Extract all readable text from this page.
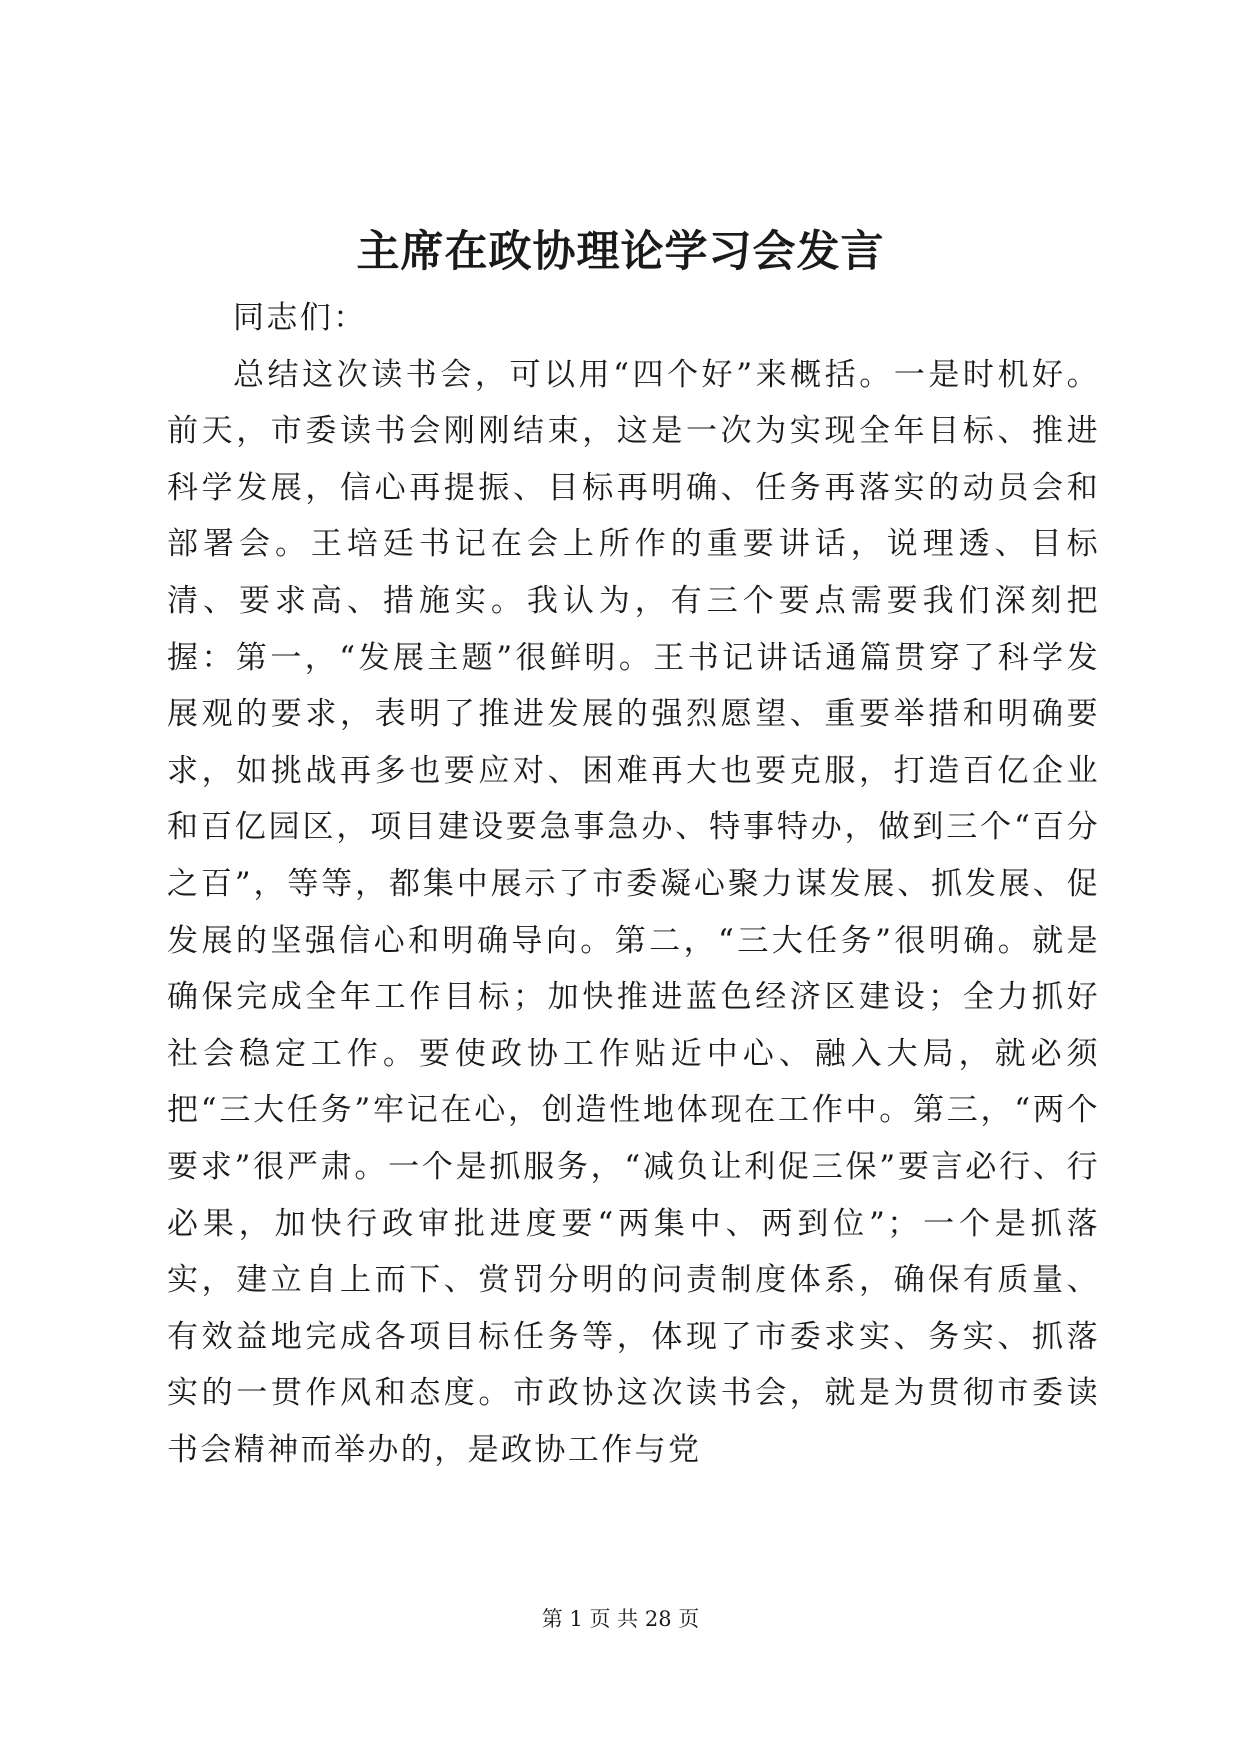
主席在政协理论学习会发言

同志们：

总结这次读书会，可以用“四个好”来概括。一是时机好。前天，市委读书会刚刚结束，这是一次为实现全年目标、推进科学发展，信心再提振、目标再明确、任务再落实的动员会和部署会。王培廷书记在会上所作的重要讲话，说理透、目标清、要求高、措施实。我认为，有三个要点需要我们深刻把握：第一，“发展主题”很鲜明。王书记讲话通篇贯穿了科学发展观的要求，表明了推进发展的强烈愿望、重要举措和明确要求，如挑战再多也要应对、困难再大也要克服，打造百亿企业和百亿园区，项目建设要急事急办、特事特办，做到三个“百分之百”，等等，都集中展示了市委凝心聚力谋发展、抓发展、促发展的坚强信心和明确导向。第二，“三大任务”很明确。就是确保完成全年工作目标；加快推进蓝色经济区建设；全力抓好社会稳定工作。要使政协工作贴近中心、融入大局，就必须把“三大任务”牢记在心，创造性地体现在工作中。第三，“两个要求”很严肃。一个是抓服务，“减负让利促三保”要言必行、行必果，加快行政审批进度要“两集中、两到位”；一个是抓落实，建立自上而下、赏罚分明的问责制度体系，确保有质量、有效益地完成各项目标任务等，体现了市委求实、务实、抓落实的一贯作风和态度。市政协这次读书会，就是为贯彻市委读书会精神而举办的，是政协工作与党

第 1 页 共 28 页
